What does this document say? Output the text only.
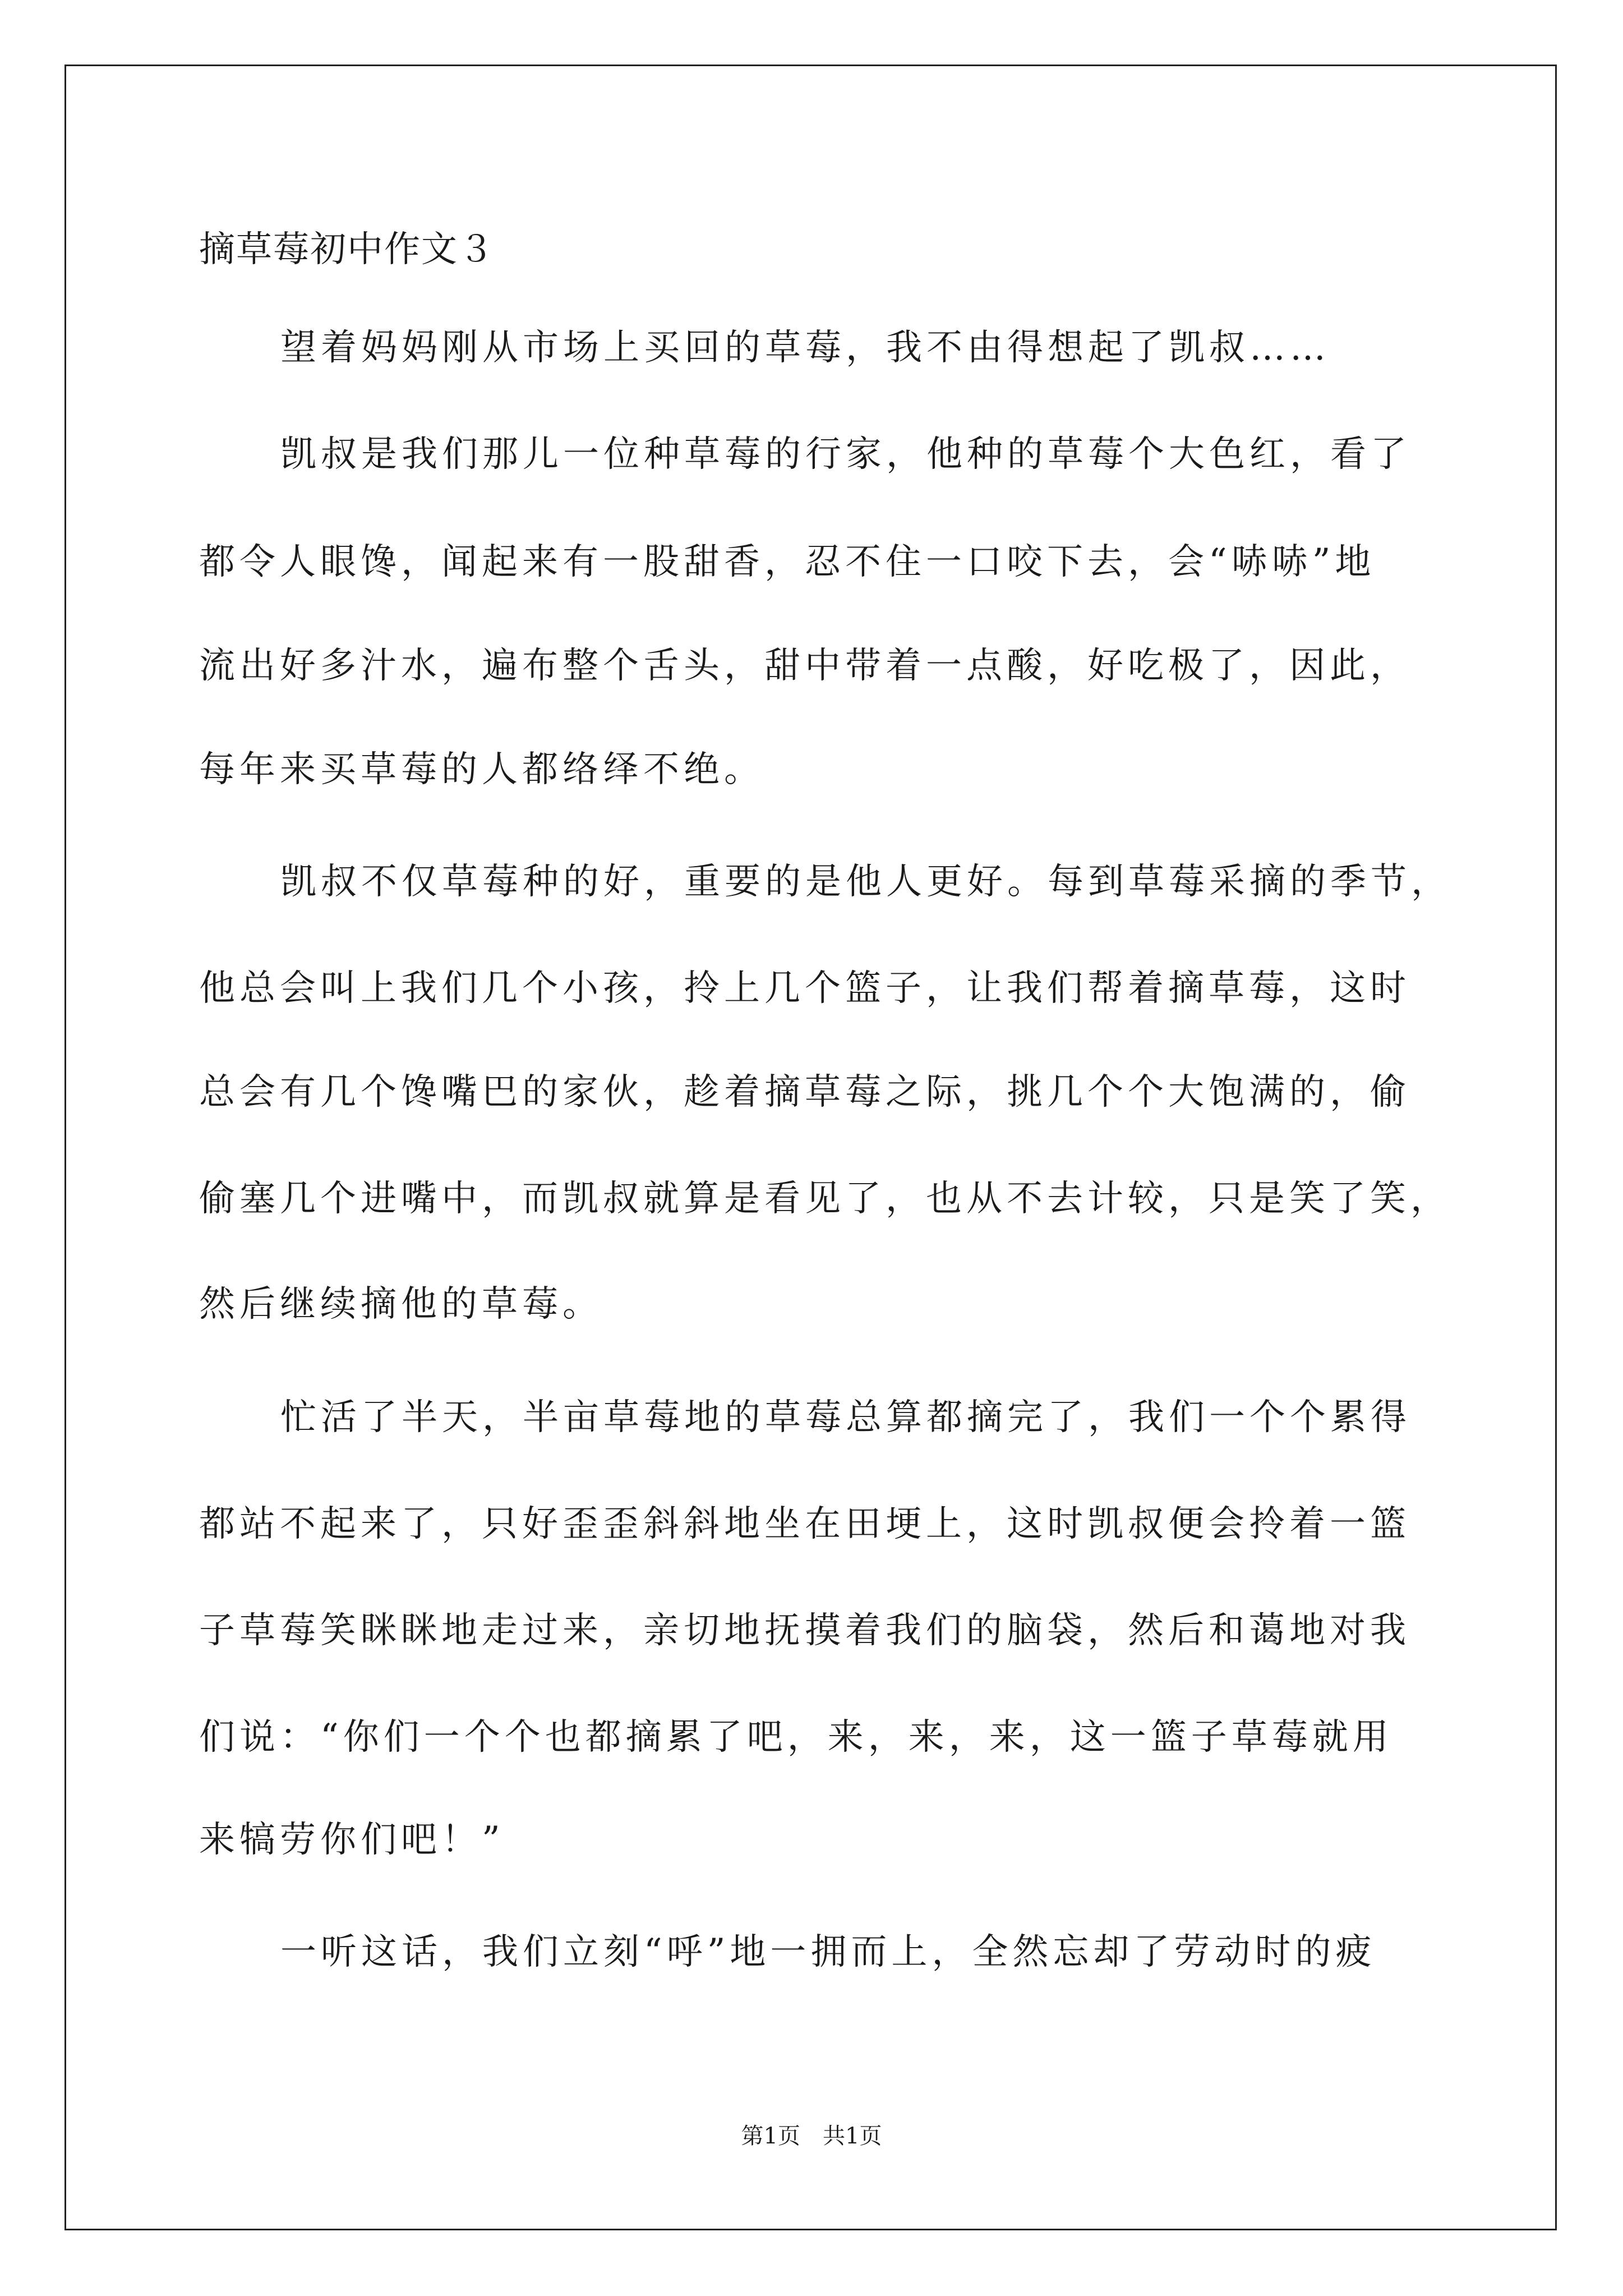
摘草莓初中作文３
望着妈妈刚从市场上买回的草莓，我不由得想起了凯叔……
凯叔是我们那儿一位种草莓的行家，他种的草莓个大色红，看了
都令人眼馋，闻起来有一股甜香，忍不住一口咬下去，会“哧哧”地
流出好多汁水，遍布整个舌头，甜中带着一点酸，好吃极了，因此，
每年来买草莓的人都络绎不绝。
凯叔不仅草莓种的好，重要的是他人更好。每到草莓采摘的季节，
他总会叫上我们几个小孩，拎上几个篮子，让我们帮着摘草莓，这时
总会有几个馋嘴巴的家伙，趁着摘草莓之际，挑几个个大饱满的，偷
偷塞几个进嘴中，而凯叔就算是看见了，也从不去计较，只是笑了笑，
然后继续摘他的草莓。
忙活了半天，半亩草莓地的草莓总算都摘完了，我们一个个累得
都站不起来了，只好歪歪斜斜地坐在田埂上，这时凯叔便会拎着一篮
子草莓笑眯眯地走过来，亲切地抚摸着我们的脑袋，然后和蔼地对我
们说：“你们一个个也都摘累了吧，来，来，来，这一篮子草莓就用
来犒劳你们吧！”
一听这话，我们立刻“呼”地一拥而上，全然忘却了劳动时的疲
第1页　共1页
